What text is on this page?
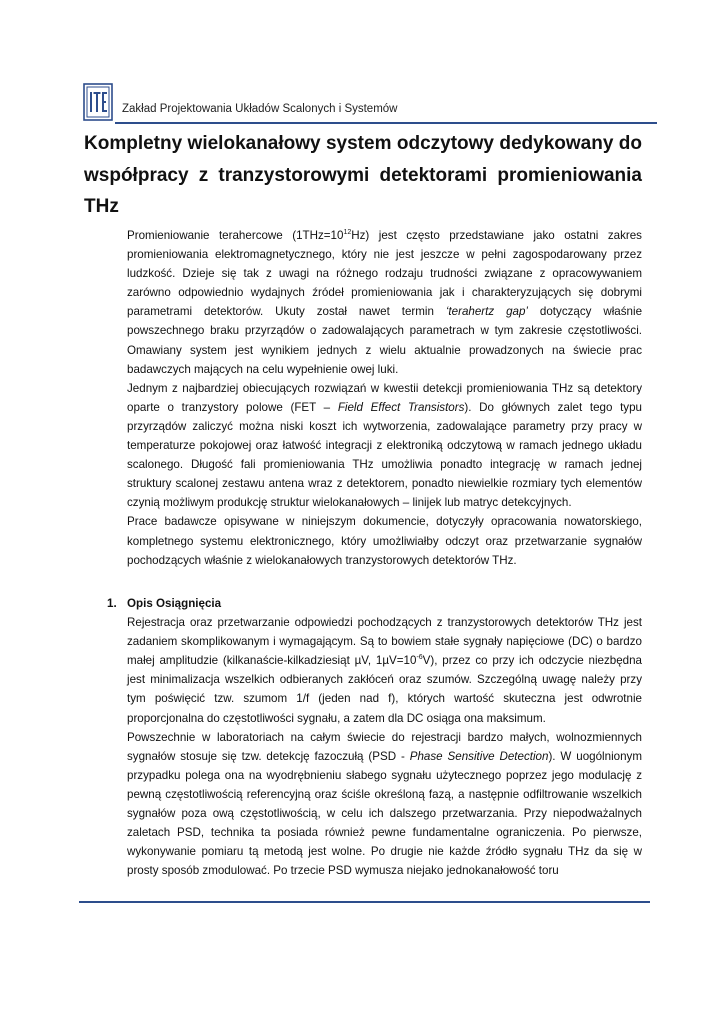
Zakład Projektowania Układów Scalonych i Systemów
Kompletny wielokanałowy system odczytowy dedykowany do współpracy z tranzystorowymi detektorami promieniowania THz

Promieniowanie terahercowe $(1THz=10^{12}Hz)$ jest często przedstawiane jako ostatni zakres promieniowania elektromagnetycznego, który nie jest jeszcze w pełni zagospodarowany przez ludzkość. Dzieje się tak z uwagi na różnego rodzaju trudności związane z opracowywaniem zarówno odpowiednio wydajnych źródeł promieniowania jak i charakteryzujących się dobrymi parametrami detektorów. Ukuty został nawet termin ‘terahertz gap’ dotyczący właśnie powszechnego braku przyrządów o zadowalających parametrach w tym zakresie częstotliwości. Omawiany system jest wynikiem jednych z wielu aktualnie prowadzonych na świecie prac badawczych mających na celu wypełnienie owej luki.

Jednym z najbardziej obiecujących rozwiązań w kwestii detekcji promieniowania THz są detektory oparte o tranzystory polowe (FET – Field Effect Transistors). Do głównych zalet tego typu przyrządów zaliczyć można niski koszt ich wytworzenia, zadowalające parametry przy pracy w temperaturze pokojowej oraz łatwość integracji z elektroniką odczytową w ramach jednego układu scalonego. Długość fali promieniowania THz umożliwia ponadto integrację w ramach jednej struktury scalonej zestawu antena wraz z detektorem, ponadto niewielkie rozmiary tych elementów czynią możliwym produkcję struktur wielokanałowych – linijek lub matryc detekcyjnych.

Prace badawcze opisywane w niniejszym dokumencie, dotyczyły opracowania nowatorskiego, kompletnego systemu elektronicznego, który umożliwiałby odczyt oraz przetwarzanie sygnałów pochodzących właśnie z wielokanałowych tranzystorowych detektorów THz.

1. Opis Osiągnięcia

Rejestracja oraz przetwarzanie odpowiedzi pochodzących z tranzystorowych detektorów THz jest zadaniem skomplikowanym i wymagającym. Są to bowiem stałe sygnały napięciowe (DC) o bardzo małej amplitudzie (kilkanaście-kilkadziesiąt µV, $1\mu V=10^{-6}V$), przez co przy ich odczycie niezbędna jest minimalizacja wszelkich odbieranych zakłóceń oraz szumów. Szczególną uwagę należy przy tym poświęcić tzw. szumom 1/f (jeden nad f), których wartość skuteczna jest odwrotnie proporcjonalna do częstotliwości sygnału, a zatem dla DC osiąga ona maksimum.

Powszechnie w laboratoriach na całym świecie do rejestracji bardzo małych, wolnozmiennych sygnałów stosuje się tzw. detekcję fazoczułą (PSD - Phase Sensitive Detection). W uogólnionym przypadku polega ona na wyodrębnieniu słabego sygnału użytecznego poprzez jego modulację z pewną częstotliwością referencyjną oraz ściśle określoną fazą, a następnie odfiltrowanie wszelkich sygnałów poza ową częstotliwością, w celu ich dalszego przetwarzania. Przy niepodważalnych zaletach PSD, technika ta posiada również pewne fundamentalne ograniczenia. Po pierwsze, wykonywanie pomiaru tą metodą jest wolne. Po drugie nie każde źródło sygnału THz da się w prosty sposób zmodulować. Po trzecie PSD wymusza niejako jednokanałowość toru
